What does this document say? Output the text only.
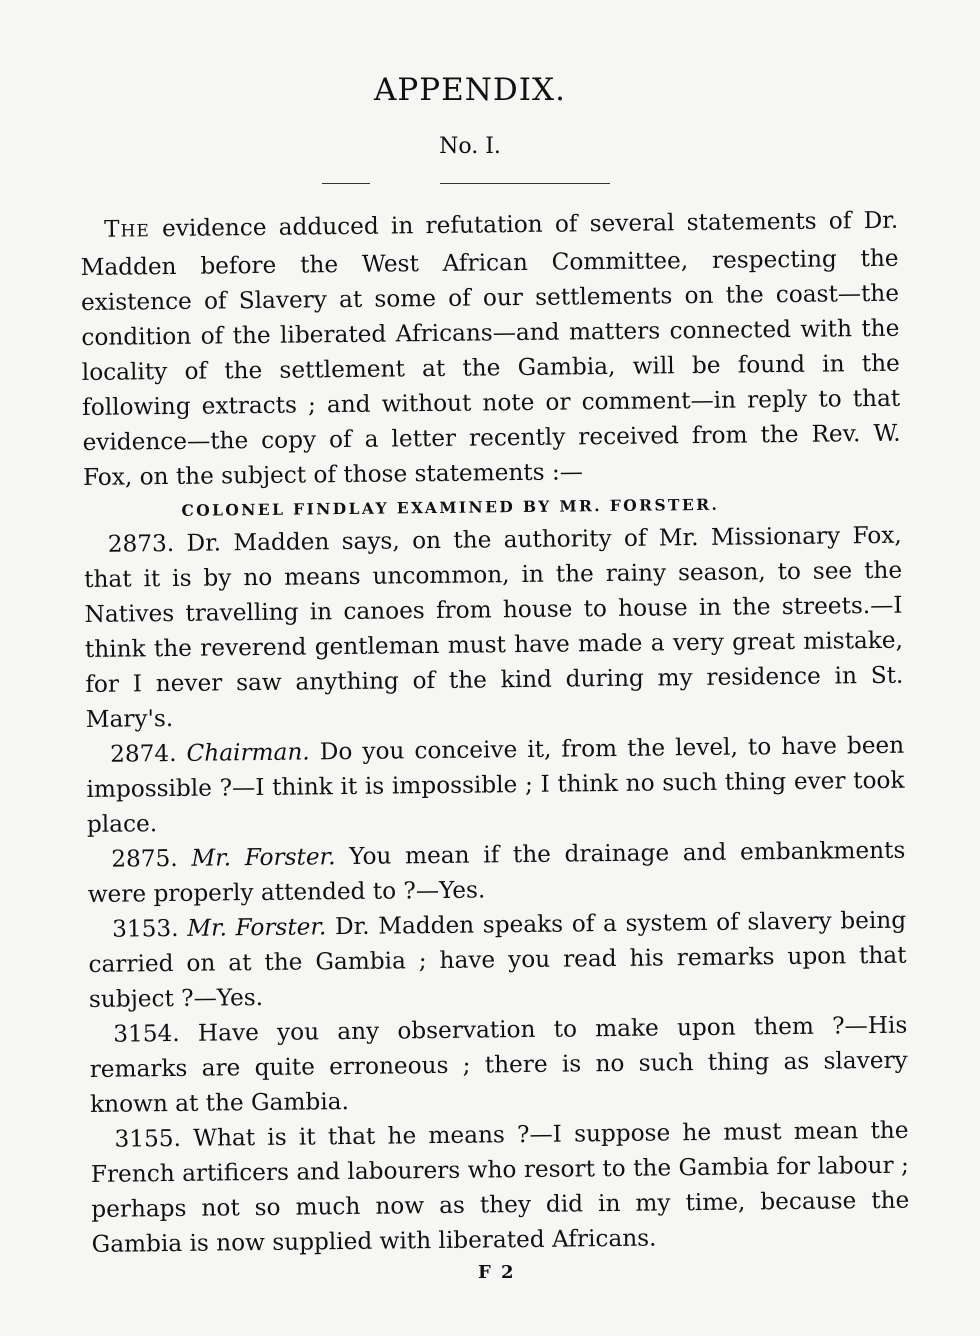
APPENDIX.
No. I.

THE evidence adduced in refutation of several statements of Dr. Madden before the West African Committee, respecting the existence of Slavery at some of our settlements on the coast—the condition of the liberated Africans—and matters connected with the locality of the settlement at the Gambia, will be found in the following extracts ; and without note or comment—in reply to that evidence—the copy of a letter recently received from the Rev. W. Fox, on the subject of those statements :—

COLONEL FINDLAY EXAMINED BY MR. FORSTER.

2873. Dr. Madden says, on the authority of Mr. Missionary Fox, that it is by no means uncommon, in the rainy season, to see the Natives travelling in canoes from house to house in the streets.—I think the reverend gentleman must have made a very great mistake, for I never saw anything of the kind during my residence in St. Mary's.

2874. Chairman. Do you conceive it, from the level, to have been impossible ?—I think it is impossible ; I think no such thing ever took place.

2875. Mr. Forster. You mean if the drainage and embankments were properly attended to ?—Yes.

3153. Mr. Forster. Dr. Madden speaks of a system of slavery being carried on at the Gambia ; have you read his remarks upon that subject ?—Yes.

3154. Have you any observation to make upon them ?—His remarks are quite erroneous ; there is no such thing as slavery known at the Gambia.

3155. What is it that he means ?—I suppose he must mean the French artificers and labourers who resort to the Gambia for labour ; perhaps not so much now as they did in my time, because the Gambia is now supplied with liberated Africans.

F 2
